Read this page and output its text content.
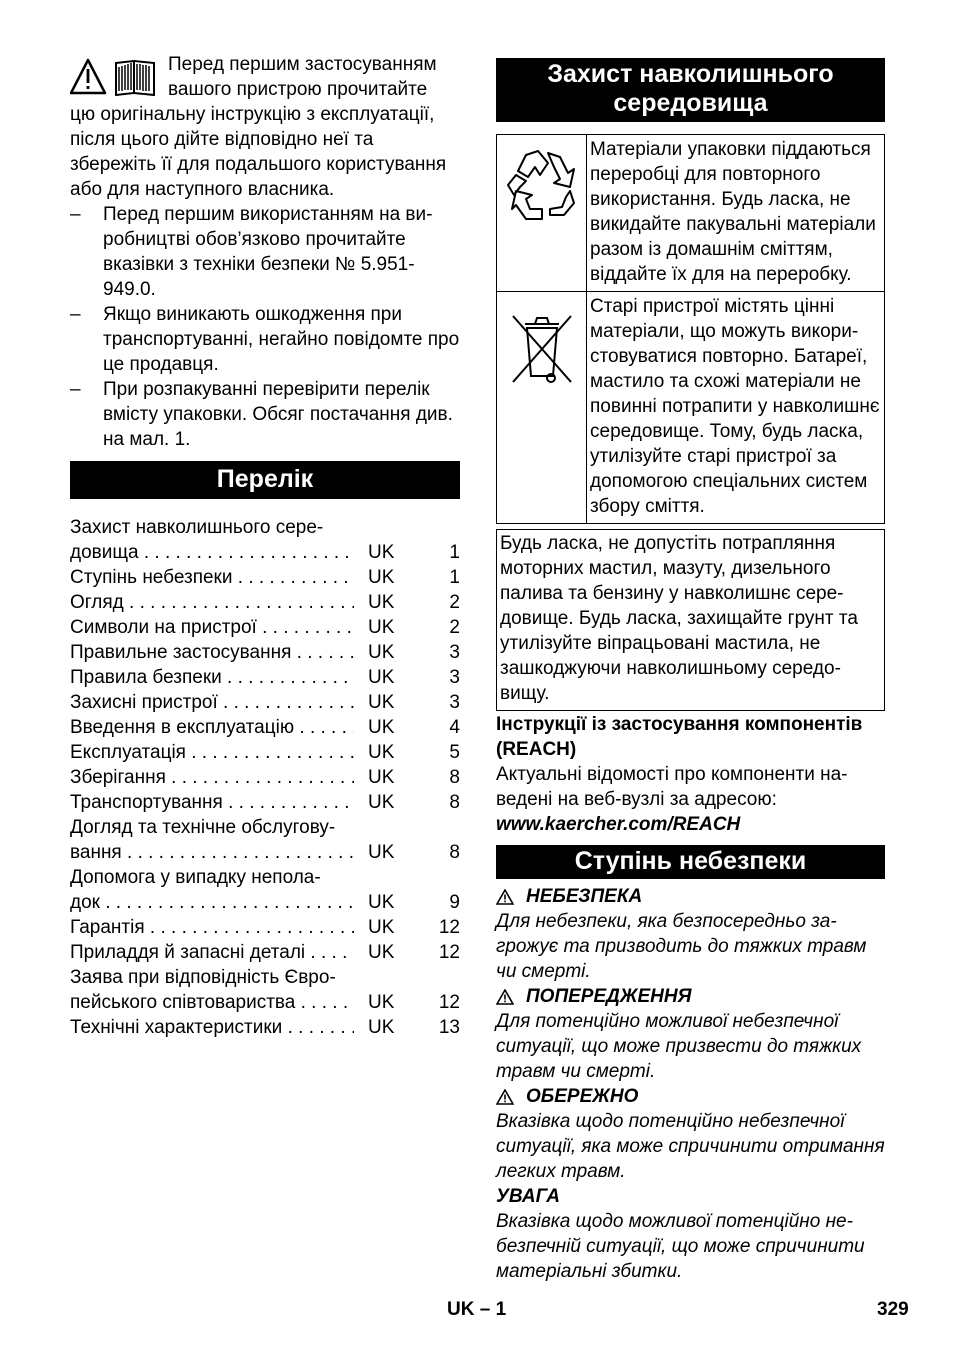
Перед першим застосуванням

вашого пристрою прочитайте

цю оригінальну інструкцію з експлуатації, після цього дійте відповідно неї та збережіть її для подальшого користування або для наступного власника.

– Перед першим використанням на виробництві обов’язково прочитайте вказівки з техніки безпеки № 5.951-949.0.

– Якщо виникають ошкодження при транспортуванні, негайно повідомте про це продавця.

– При розпакуванні перевірити перелік вмісту упаковки. Обсяг постачання див. на мал. 1.

Перелік
Захист навколишнього сере-
довища . . .	UK	1
Ступінь небезпеки . . .	UK	1
Огляд . . .	UK	2
Символи на пристрої . . .	UK	2
Правильне застосування . . .	UK	3
Правила безпеки . . .	UK	3
Захисні пристрої . . .	UK	3
Введення в експлуатацію . . .	UK	4
Експлуатація . . .	UK	5
Зберігання . . .	UK	8
Транспортування . . .	UK	8
Догляд та технічне обслугову-
вання . . .	UK	8
Допомога у випадку непола-
док . . .	UK	9
Гарантія . . .	UK	12
Приладдя й запасні деталі . . .	UK	12
Заява при відповідність Євро-
пейського співтовариства . . .	UK	12
Технічні характеристики . . .	UK	13
Захист навколишнього середовища
Матеріали упаковки піддаються переробці для повторного використання. Будь ласка, не викидайте пакувальні матеріали разом із домашнім сміттям, віддайте їх для на переробку.
Старі пристрої містять цінні матеріали, що можуть використовуватися повторно. Батареї, мастило та схожі матеріали не повинні потрапити у навколишнє середовище. Тому, будь ласка, утилізуйте старі пристрої за допомогою спеціальних систем збору сміття.
Будь ласка, не допустіть потрапляння моторних мастил, мазуту, дизельного палива та бензину у навколишнє середовище. Будь ласка, захищайте грунт та утилізуйте віпрацьовані мастила, не зашкоджуючи навколишньому середовищу.

Інструкції із застосування компонентів (REACH)

Актуальні відомості про компоненти наведені на веб-вузлі за адресою:

www.kaercher.com/REACH

Ступінь небезпеки
НЕБЕЗПЕКА

Для небезпеки, яка безпосередньо загрожує та призводить до тяжких травм чи смерті.

ПОПЕРЕДЖЕННЯ

Для потенційно можливої небезпечної ситуації, що може призвести до тяжких травм чи смерті.

ОБЕРЕЖНО

Вказівка щодо потенційно небезпечної ситуації, яка може спричинити отримання легких травм.

УВАГА

Вказівка щодо можливої потенційно небезпечній ситуації, що може спричинити матеріальні збитки.

UK – 1	329
